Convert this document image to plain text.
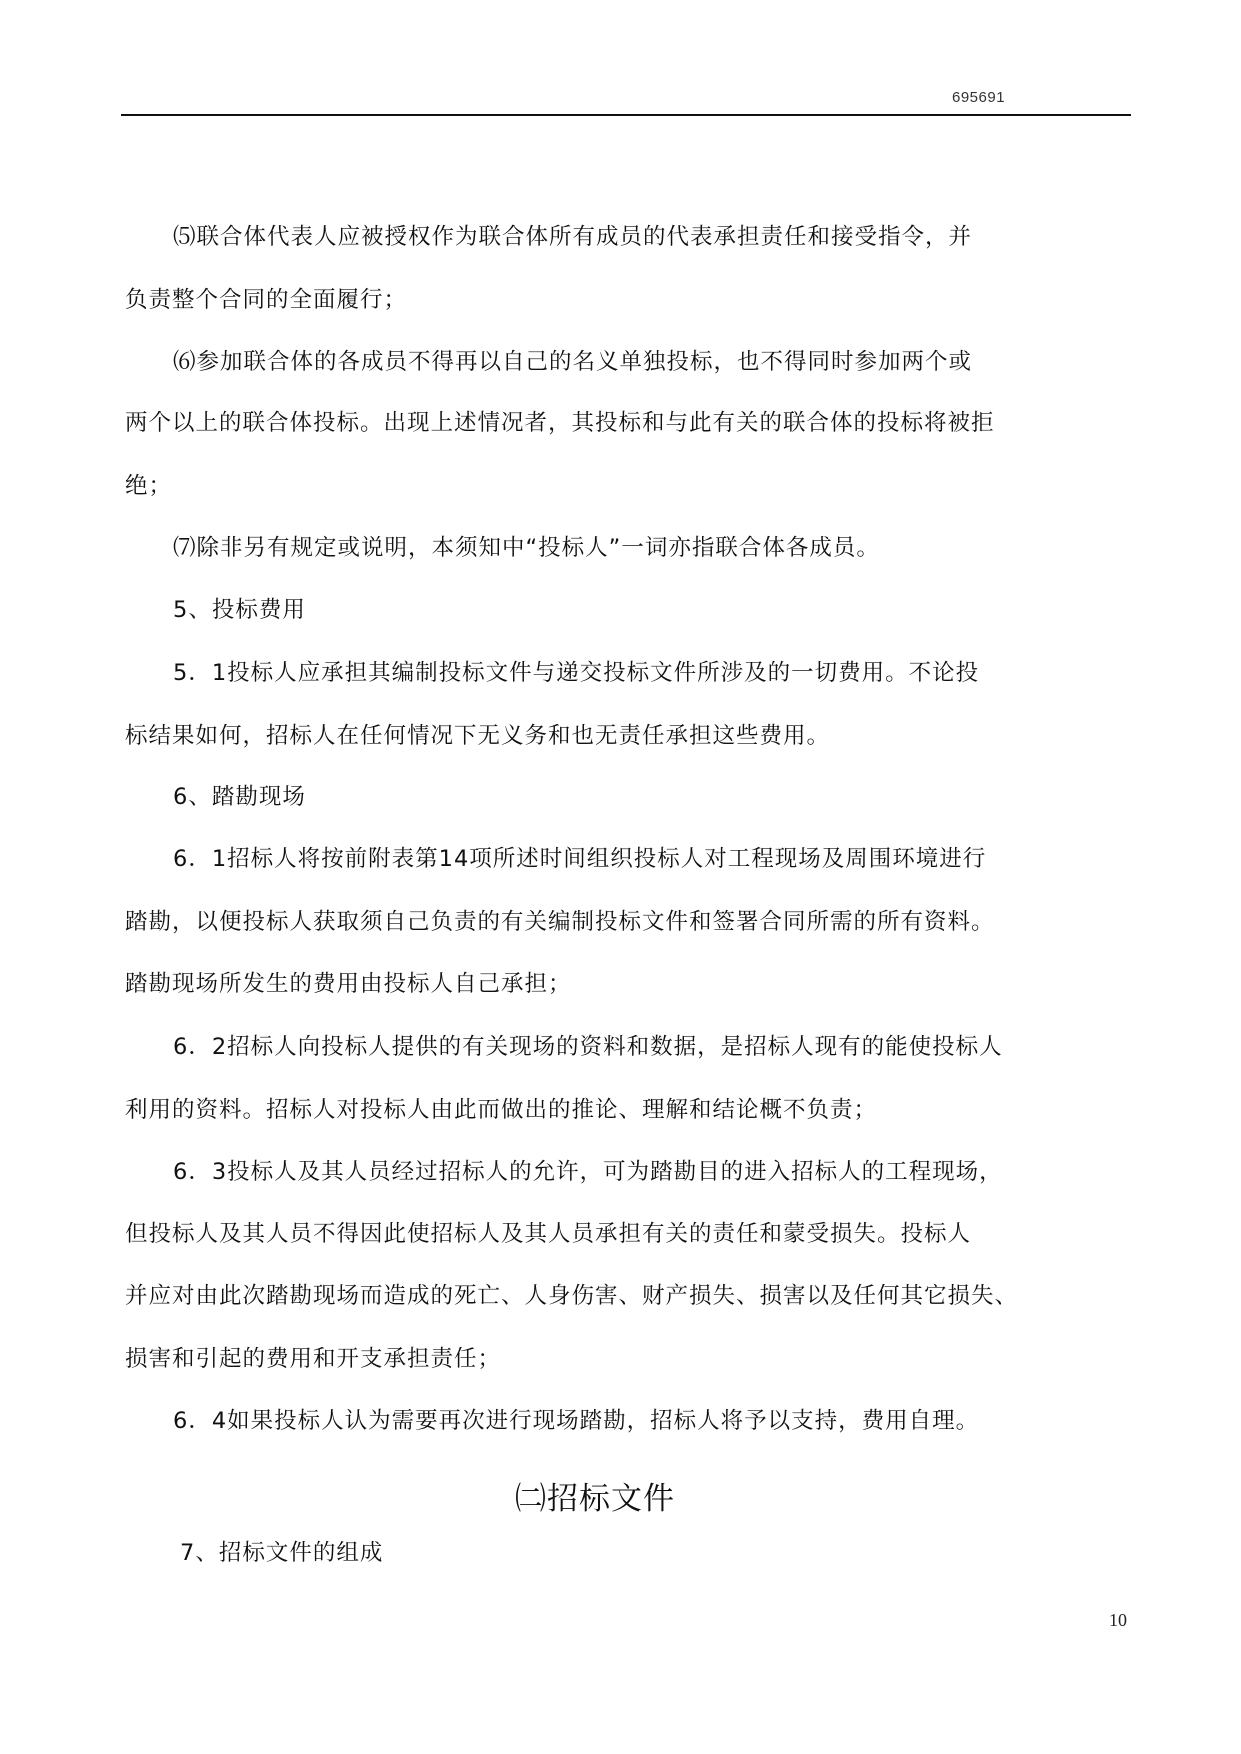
695691
⑸联合体代表人应被授权作为联合体所有成员的代表承担责任和接受指令，并
负责整个合同的全面履行；
⑹参加联合体的各成员不得再以自己的名义单独投标，也不得同时参加两个或
两个以上的联合体投标。出现上述情况者，其投标和与此有关的联合体的投标将被拒
绝；
⑺除非另有规定或说明，本须知中“投标人”一词亦指联合体各成员。
5、投标费用
5．1投标人应承担其编制投标文件与递交投标文件所涉及的一切费用。不论投
标结果如何，招标人在任何情况下无义务和也无责任承担这些费用。
6、踏勘现场
6．1招标人将按前附表第14项所述时间组织投标人对工程现场及周围环境进行
踏勘，以便投标人获取须自己负责的有关编制投标文件和签署合同所需的所有资料。
踏勘现场所发生的费用由投标人自己承担；
6．2招标人向投标人提供的有关现场的资料和数据，是招标人现有的能使投标人
利用的资料。招标人对投标人由此而做出的推论、理解和结论概不负责；
6．3投标人及其人员经过招标人的允许，可为踏勘目的进入招标人的工程现场，
但投标人及其人员不得因此使招标人及其人员承担有关的责任和蒙受损失。投标人
并应对由此次踏勘现场而造成的死亡、人身伤害、财产损失、损害以及任何其它损失、
损害和引起的费用和开支承担责任；
6．4如果投标人认为需要再次进行现场踏勘，招标人将予以支持，费用自理。
㈡招标文件
7、招标文件的组成
10
